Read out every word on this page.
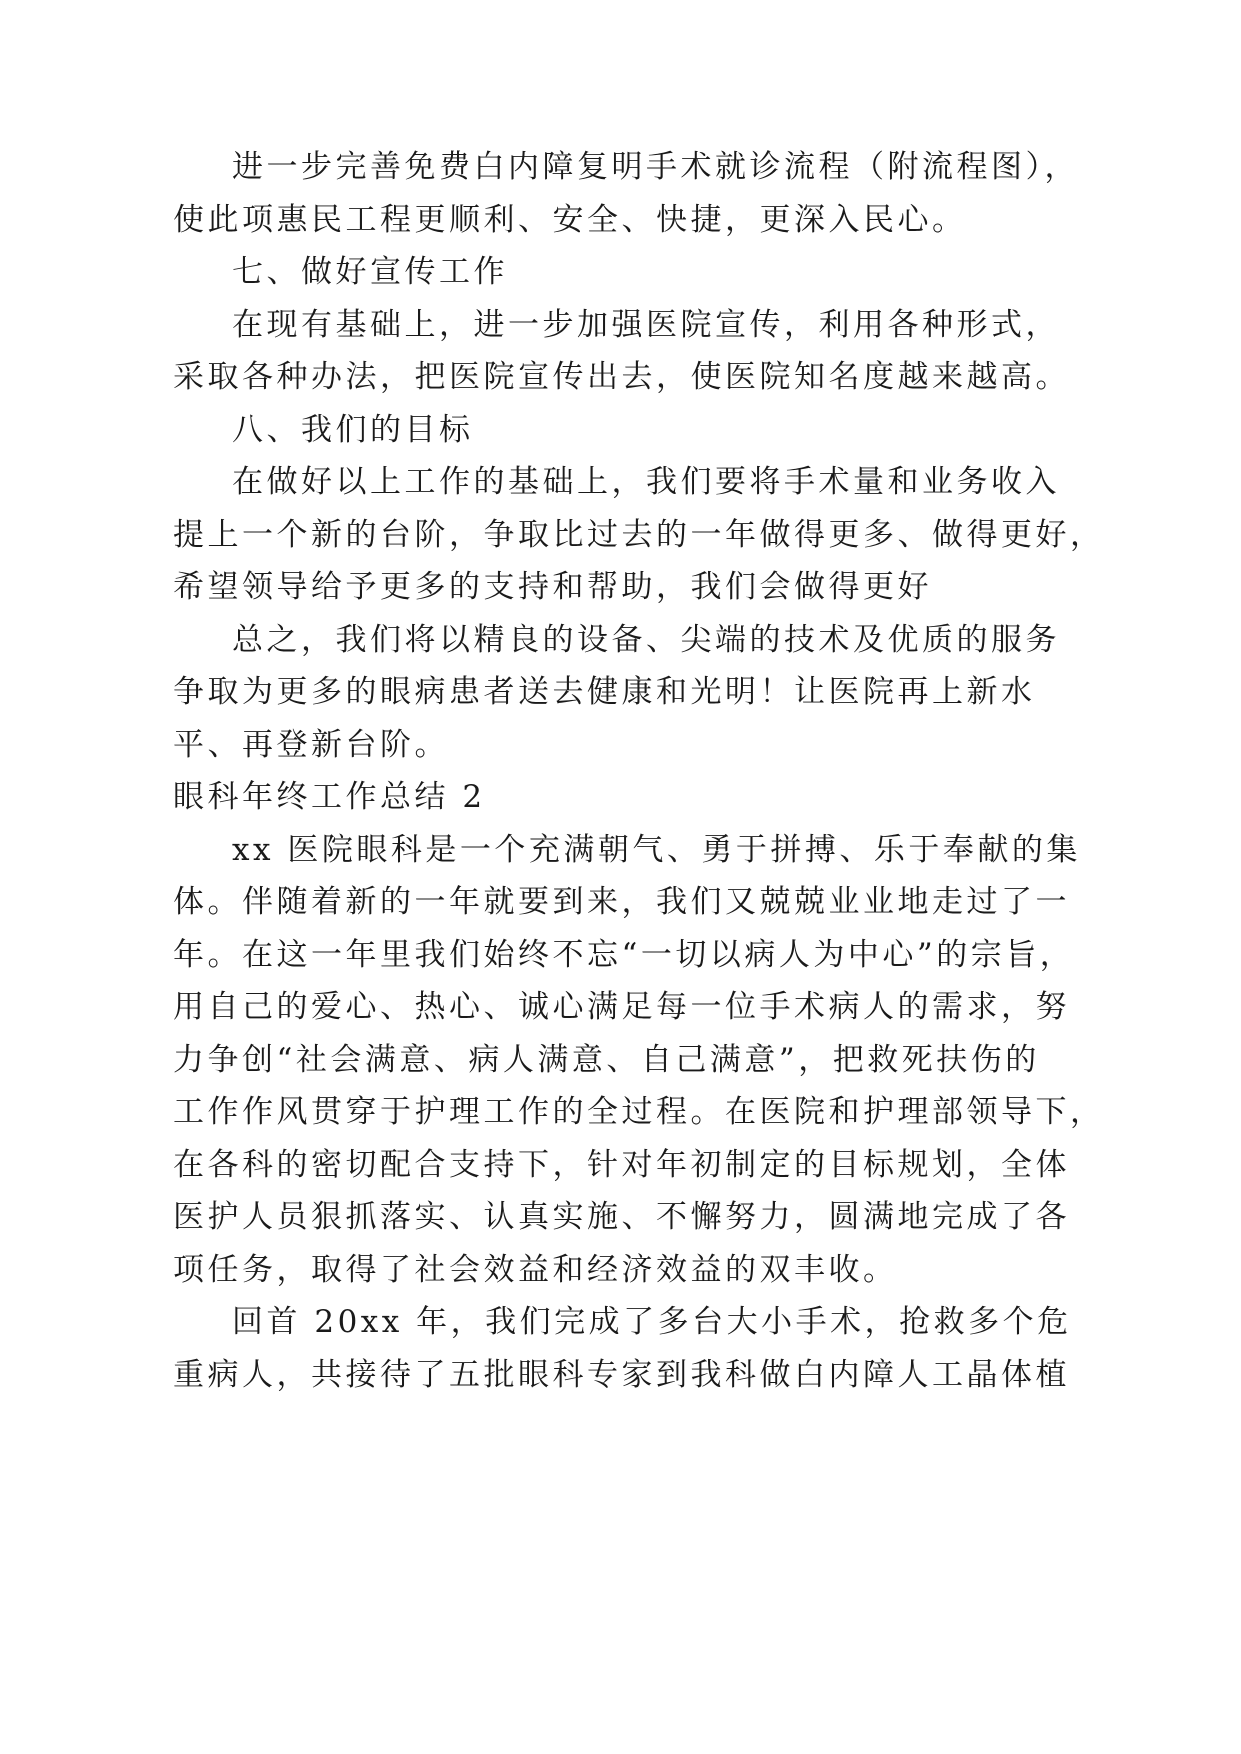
进一步完善免费白内障复明手术就诊流程（附流程图），
使此项惠民工程更顺利、安全、快捷，更深入民心。
七、做好宣传工作
在现有基础上，进一步加强医院宣传，利用各种形式，
采取各种办法，把医院宣传出去，使医院知名度越来越高。
八、我们的目标
在做好以上工作的基础上，我们要将手术量和业务收入
提上一个新的台阶，争取比过去的一年做得更多、做得更好，
希望领导给予更多的支持和帮助，我们会做得更好
总之，我们将以精良的设备、尖端的技术及优质的服务
争取为更多的眼病患者送去健康和光明！让医院再上新水
平、再登新台阶。
眼科年终工作总结 2
xx 医院眼科是一个充满朝气、勇于拼搏、乐于奉献的集
体。伴随着新的一年就要到来，我们又兢兢业业地走过了一
年。在这一年里我们始终不忘“一切以病人为中心”的宗旨，
用自己的爱心、热心、诚心满足每一位手术病人的需求，努
力争创“社会满意、病人满意、自己满意”，把救死扶伤的
工作作风贯穿于护理工作的全过程。在医院和护理部领导下，
在各科的密切配合支持下，针对年初制定的目标规划，全体
医护人员狠抓落实、认真实施、不懈努力，圆满地完成了各
项任务，取得了社会效益和经济效益的双丰收。
回首 20xx 年，我们完成了多台大小手术，抢救多个危
重病人，共接待了五批眼科专家到我科做白内障人工晶体植
